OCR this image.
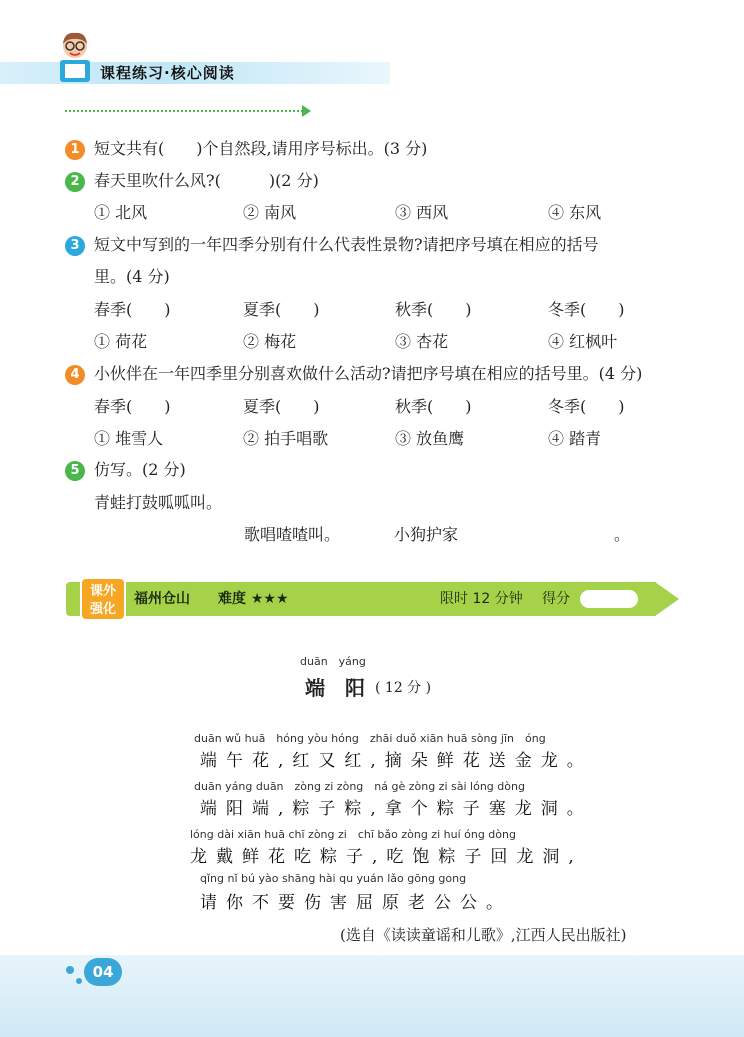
课程练习·核心阅读
1 短文共有(　　)个自然段,请用序号标出。(3 分)
2 春天里吹什么风?(　　　)(2 分)
① 北风	② 南风	③ 西风	④ 东风
3 短文中写到的一年四季分别有什么代表性景物?请把序号填在相应的括号
里。(4 分)
春季(　　)	夏季(　　)	秋季(　　)	冬季(　　)
① 荷花	② 梅花	③ 杏花	④ 红枫叶
4 小伙伴在一年四季里分别喜欢做什么活动?请把序号填在相应的括号里。(4 分)
春季(　　)	夏季(　　)	秋季(　　)	冬季(　　)
① 堆雪人	② 拍手唱歌	③ 放鱼鹰	④ 踏青
5 仿写。(2 分)
青蛙打鼓呱呱叫。
歌唱喳喳叫。	小狗护家	。
课外
强化
福州仓山 难度 ★★★	限时 12 分钟 得分
duān　yáng
端　阳 ( 12 分 )
duān wǔ huā　hóng yòu hóng　zhāi duǒ xiān huā sòng jīn　óng
端午花,红又红,摘朵鲜花送金龙。
duān yáng duān　zòng zi zòng　ná gè zòng zi sài lóng dòng
端阳端,粽子粽,拿个粽子塞龙洞。
lóng dài xiān huā chī zòng zi　chī bǎo zòng zi huí óng dòng
龙戴鲜花吃粽子,吃饱粽子回龙洞,
qǐng nǐ bú yào shāng hài qu yuán lǎo gōng gong
请你不要伤害屈原老公公。
(选自《读读童谣和儿歌》,江西人民出版社)
04
